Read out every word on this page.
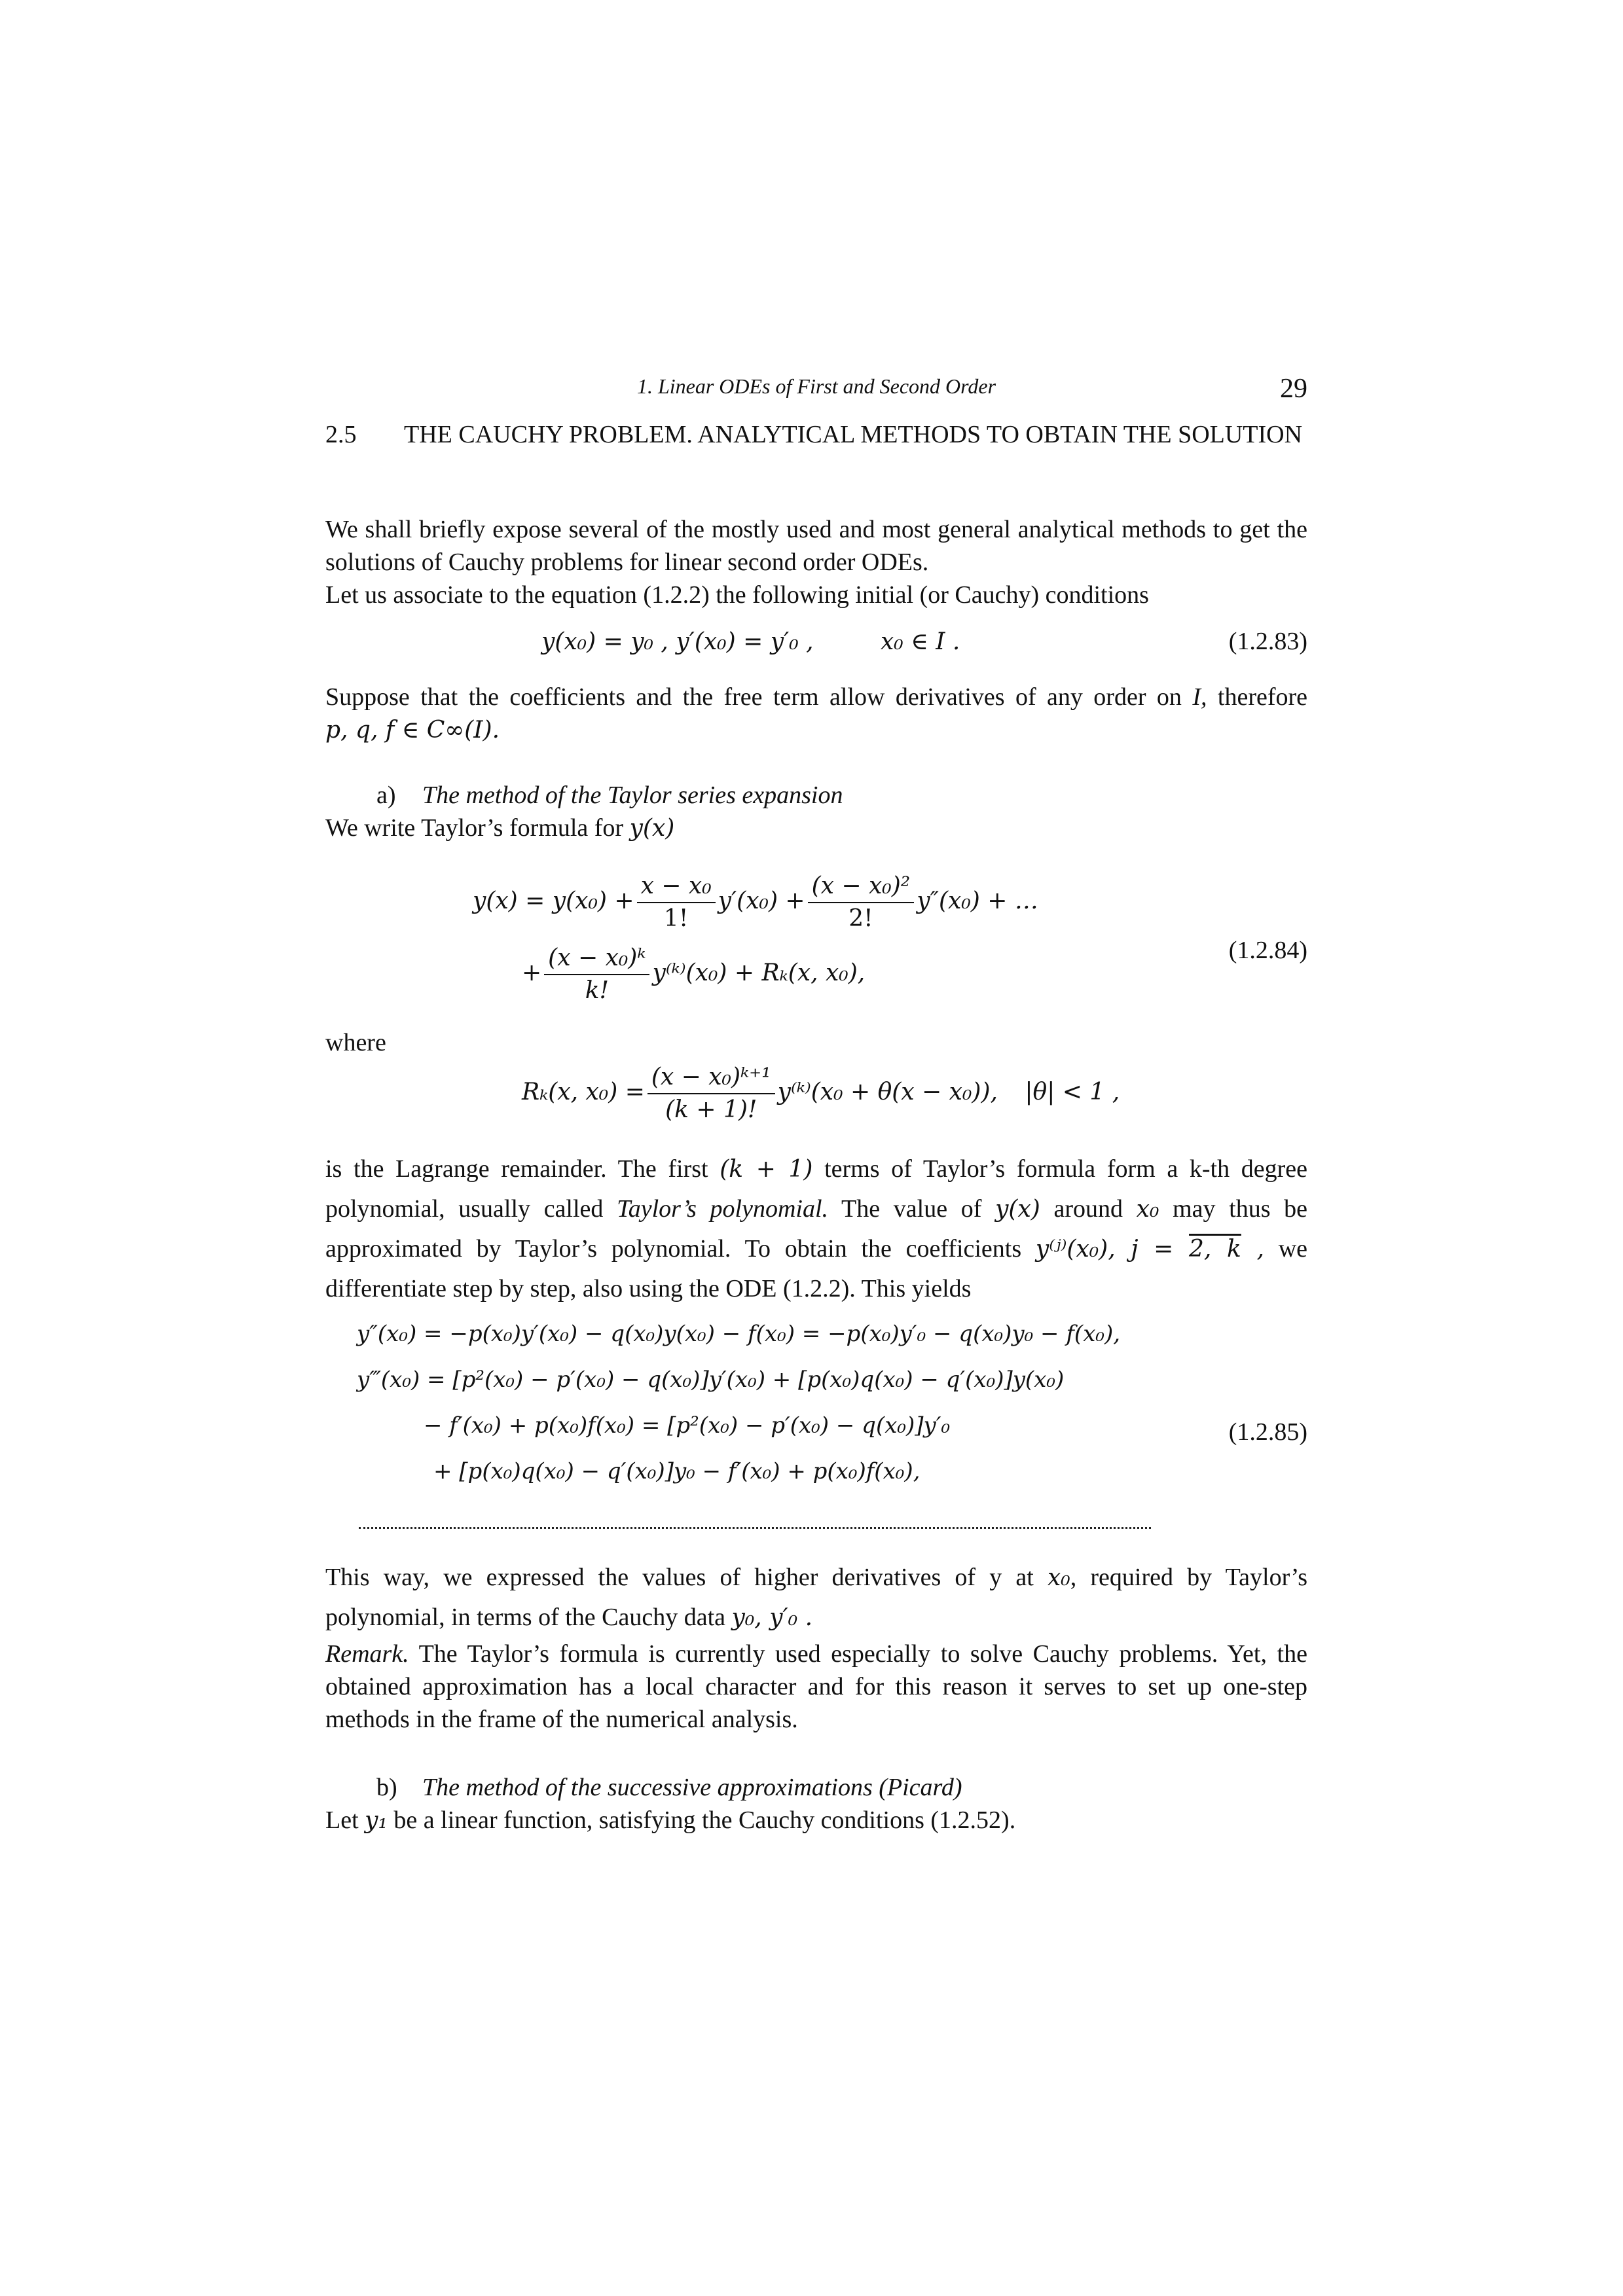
1. Linear ODEs of First and Second Order	29
2.5 THE CAUCHY PROBLEM. ANALYTICAL METHODS TO OBTAIN THE SOLUTION
We shall briefly expose several of the mostly used and most general analytical methods to get the solutions of Cauchy problems for linear second order ODEs.
Let us associate to the equation (1.2.2) the following initial (or Cauchy) conditions
y(x₀) = y₀ , y′(x₀) = y′₀ ,	x₀ ∈ I .	(1.2.83)
Suppose that the coefficients and the free term allow derivatives of any order on I, therefore p, q, f ∈ C∞(I).
a) The method of the Taylor series expansion
We write Taylor’s formula for y(x)
$y(x) = y(x_0) + \frac{\text{x − x₀}}{1!} y'(x_0) + \frac{\text{(x − x₀)²}}{2!} y''(x_0)$ + …
+ $\frac{\text{(x − x₀)ᵏ}}{k!}$ y⁽ᵏ⁾(x₀) + Rₖ(x, x₀),
(1.2.84)
where
Rₖ(x, $x_0) = \frac{\text{(x − x₀)ᵏ⁺¹}}{(k + 1)!}$ y⁽ᵏ⁾(x₀ + θ(x − x₀)), |θ| < 1 ,
is the Lagrange remainder. The first (k + 1) terms of Taylor’s formula form a k-th degree polynomial, usually called Taylor’s polynomial. The value of y(x) around x₀ may thus be approximated by Taylor’s polynomial. To obtain the coefficients y⁽ʲ⁾(x₀), j = 2, k , we differentiate step by step, also using the ODE (1.2.2). This yields
y″(x₀) = −p(x₀)y′(x₀) − q(x₀)y(x₀) − f(x₀) = −p(x₀)y′₀ − q(x₀)y₀ − f(x₀),
y‴(x₀) = [p²(x₀) − p′(x₀) − q(x₀)]y′(x₀) + [p(x₀)q(x₀) − q′(x₀)]y(x₀)
− f′(x₀) + p(x₀)f(x₀) = [p²(x₀) − p′(x₀) − q(x₀)]y′₀
+ [p(x₀)q(x₀) − q′(x₀)]y₀ − f′(x₀) + p(x₀)f(x₀),
(1.2.85)
This way, we expressed the values of higher derivatives of y at x₀, required by Taylor’s polynomial, in terms of the Cauchy data y₀, y′₀ .
Remark. The Taylor’s formula is currently used especially to solve Cauchy problems. Yet, the obtained approximation has a local character and for this reason it serves to set up one-step methods in the frame of the numerical analysis.
b) The method of the successive approximations (Picard)
Let y₁ be a linear function, satisfying the Cauchy conditions (1.2.52).
